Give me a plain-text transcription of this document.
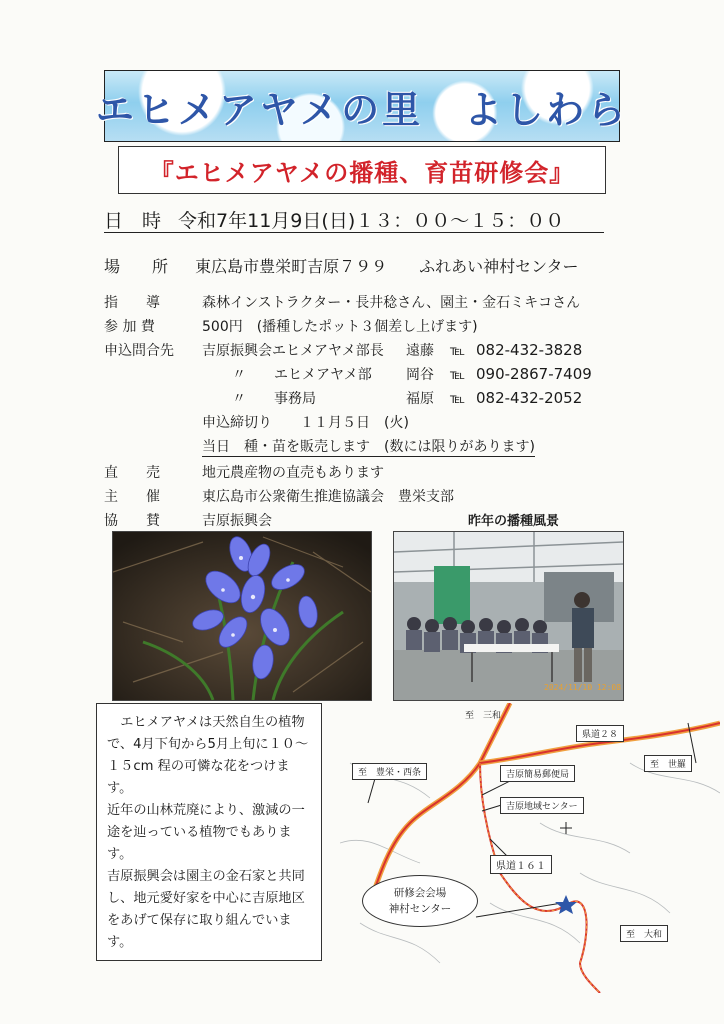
エヒメアヤメの里　よしわら
『エヒメアヤメの播種、育苗研修会』
日　時 令和7年11月9日(日)１３：００～１５：００
場　　所 東広島市豊栄町吉原７９９　　ふれあい神村センター
指　　導	森林インストラクター・長井稔さん、園主・金石ミキコさん
参 加 費	500円　(播種したポット３個差し上げます)
申込問合先 吉原振興会エヒメアヤメ部長 遠藤 ℡ 082-432-3828
〃　　エヒメアヤメ部 岡谷 ℡ 090-2867-7409
〃　　事務局	福原 ℡ 082-432-2052
申込締切り　　１１月５日　(火)
当日　種・苗を販売します　(数には限りがあります)
直　　売	地元農産物の直売もあります
主　　催	東広島市公衆衛生推進協議会　豊栄支部
協　　賛	吉原振興会	昨年の播種風景
2024/11/10 12:08

エヒメアヤメは天然自生の植物で、4月下旬から5月上旬に１０～１５cm 程の可憐な花をつけます。

近年の山林荒廃により、激減の一途を辿っている植物でもあります。

吉原振興会は園主の金石家と共同し、地元愛好家を中心に吉原地区をあげて保存に取り組んでいます。

至　三和
県道２８
至　豊栄・西条
至　世羅
吉原簡易郵便局
吉原地域センター
県道１６１
研修会会場
神村センター
至　大和
